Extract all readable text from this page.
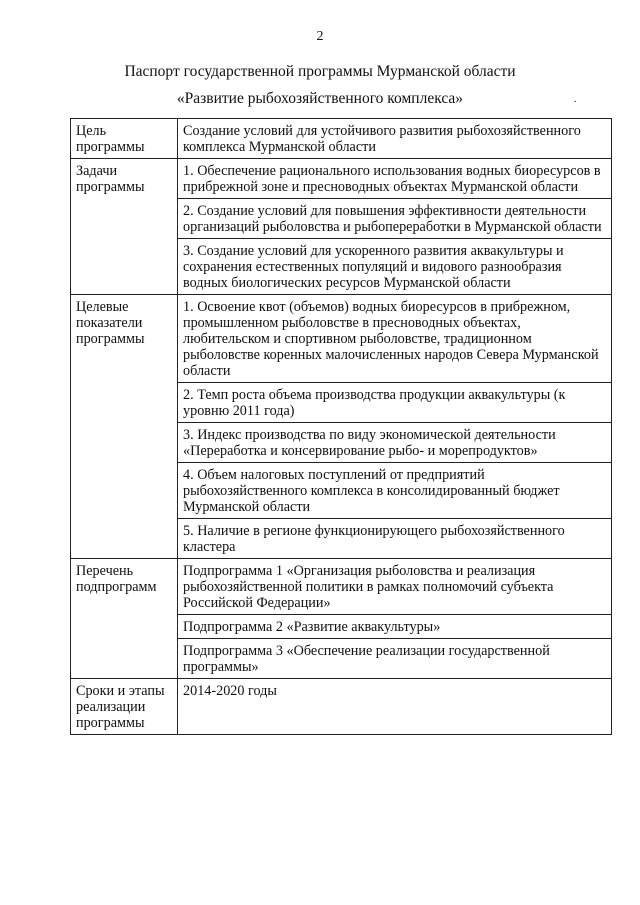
2
Паспорт государственной программы Мурманской области
«Развитие рыбохозяйственного комплекса»	.
Цель программы	Создание условий для устойчивого развития рыбохозяйственного комплекса Мурманской области
Задачи программы	1. Обеспечение рационального использования водных биоресурсов в прибрежной зоне и пресноводных объектах Мурманской области
	2. Создание условий для повышения эффективности деятельности организаций рыболовства и рыбопереработки в Мурманской области
	3. Создание условий для ускоренного развития аквакультуры и сохранения естественных популяций и видового разнообразия водных биологических ресурсов Мурманской области
Целевые показатели программы	1. Освоение квот (объемов) водных биоресурсов в прибрежном, промышленном рыболовстве в пресноводных объектах, любительском и спортивном рыболовстве, традиционном рыболовстве коренных малочисленных народов Севера Мурманской области
	2. Темп роста объема производства продукции аквакультуры (к уровню 2011 года)
	3. Индекс производства по виду экономической деятельности «Переработка и консервирование рыбо- и морепродуктов»
	4. Объем налоговых поступлений от предприятий рыбохозяйственного комплекса в консолидированный бюджет Мурманской области
	5. Наличие в регионе функционирующего рыбохозяйственного кластера
Перечень подпрограмм	Подпрограмма 1 «Организация рыболовства и реализация рыбохозяйственной политики в рамках полномочий субъекта Российской Федерации»
	Подпрограмма 2 «Развитие аквакультуры»
	Подпрограмма 3 «Обеспечение реализации государственной программы»
Сроки и этапы реализации программы	2014-2020 годы
